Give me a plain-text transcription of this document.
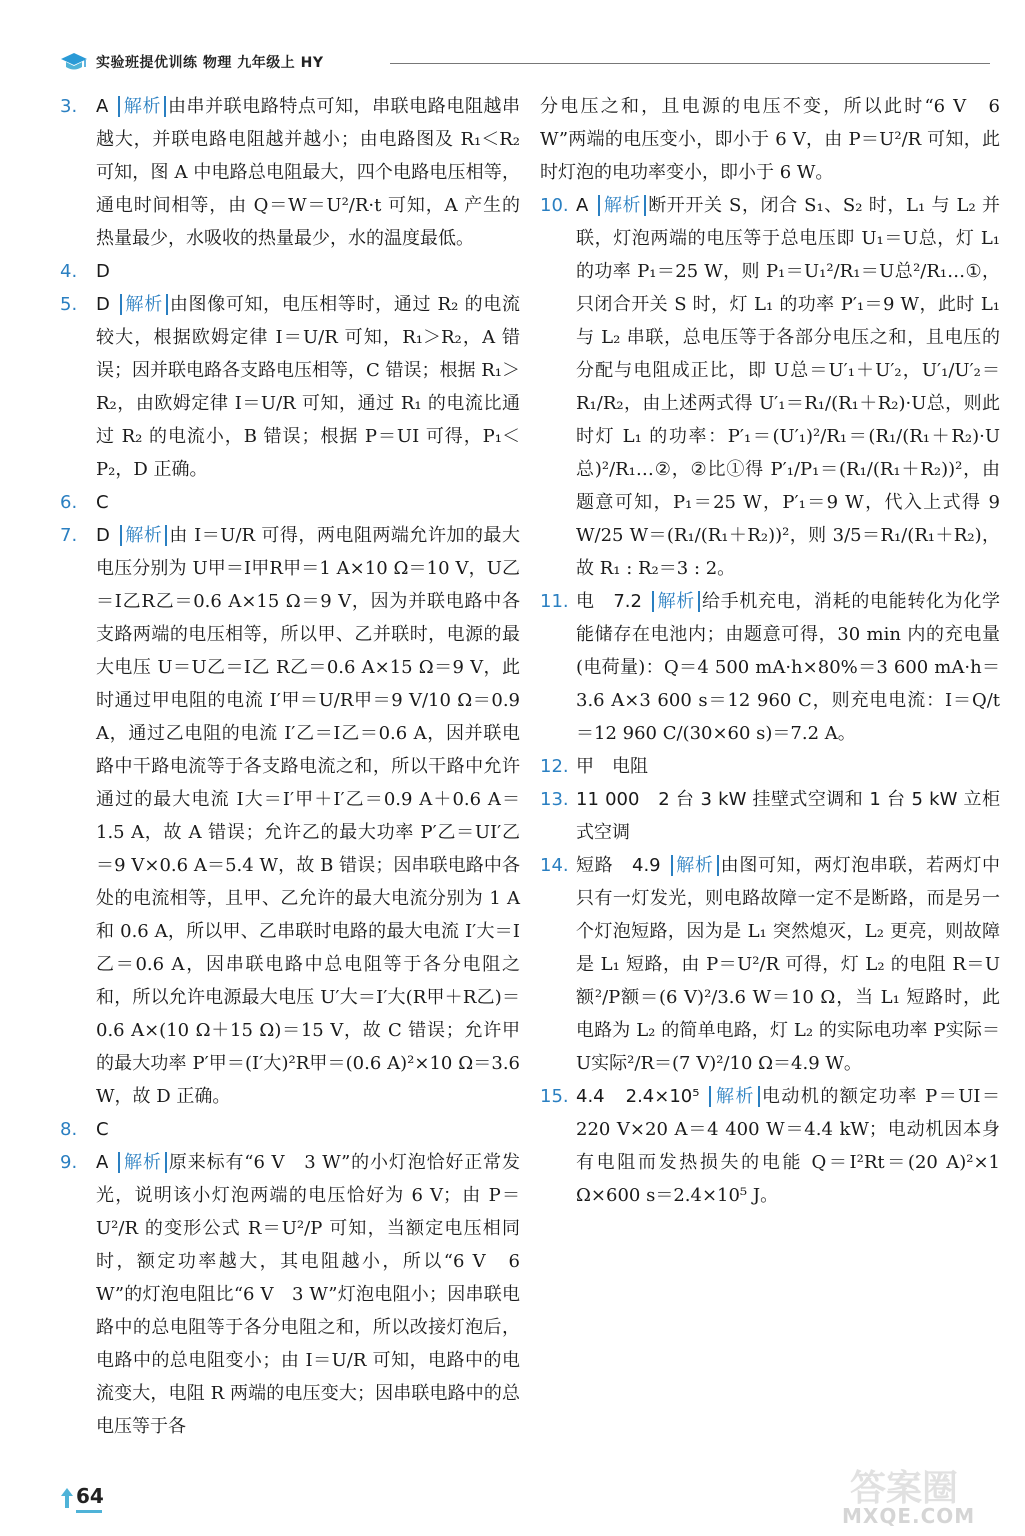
实验班提优训练 物理 九年级上 HY
3. A 解析 由串并联电路特点可知，串联电路电阻越串越大，并联电路电阻越并越小；由电路图及 R₁＜R₂ 可知，图 A 中电路总电阻最大，四个电路电压相等，通电时间相等，由 Q＝W＝U²/R·t 可知，A 产生的热量最少，水吸收的热量最少，水的温度最低。
4. D
5. D 解析 由图像可知，电压相等时，通过 R₂ 的电流较大，根据欧姆定律 I＝U/R 可知，R₁＞R₂，A 错误；因并联电路各支路电压相等，C 错误；根据 R₁＞R₂，由欧姆定律 I＝U/R 可知，通过 R₁ 的电流比通过 R₂ 的电流小，B 错误；根据 P＝UI 可得，P₁＜P₂，D 正确。
6. C
7. D 解析 由 I＝U/R 可得，两电阻两端允许加的最大电压分别为 U甲＝I甲R甲＝1 A×10 Ω＝10 V，U乙＝I乙R乙＝0.6 A×15 Ω＝9 V，因为并联电路中各支路两端的电压相等，所以甲、乙并联时，电源的最大电压 U＝U乙＝I乙 R乙＝0.6 A×15 Ω＝9 V，此时通过甲电阻的电流 I′甲＝U/R甲＝9 V/10 Ω＝0.9 A，通过乙电阻的电流 I′乙＝I乙＝0.6 A，因并联电路中干路电流等于各支路电流之和，所以干路中允许通过的最大电流 I大＝I′甲＋I′乙＝0.9 A＋0.6 A＝1.5 A，故 A 错误；允许乙的最大功率 P′乙＝UI′乙＝9 V×0.6 A＝5.4 W，故 B 错误；因串联电路中各处的电流相等，且甲、乙允许的最大电流分别为 1 A 和 0.6 A，所以甲、乙串联时电路的最大电流 I′大＝I乙＝0.6 A，因串联电路中总电阻等于各分电阻之和，所以允许电源最大电压 U′大＝I′大(R甲＋R乙)＝0.6 A×(10 Ω＋15 Ω)＝15 V，故 C 错误；允许甲的最大功率 P′甲＝(I′大)²R甲＝(0.6 A)²×10 Ω＝3.6 W，故 D 正确。
8. C
9. A 解析 原来标有“6 V　3 W”的小灯泡恰好正常发光，说明该小灯泡两端的电压恰好为 6 V；由 P＝U²/R 的变形公式 R＝U²/P 可知，当额定电压相同时，额定功率越大，其电阻越小，所以“6 V　6 W”的灯泡电阻比“6 V　3 W”灯泡电阻小；因串联电路中的总电阻等于各分电阻之和，所以改接灯泡后，电路中的总电阻变小；由 I＝U/R 可知，电路中的电流变大，电阻 R 两端的电压变大；因串联电路中的总电压等于各
分电压之和，且电源的电压不变，所以此时“6 V　6 W”两端的电压变小，即小于 6 V，由 P＝U²/R 可知，此时灯泡的电功率变小，即小于 6 W。
10. A 解析 断开开关 S，闭合 S₁、S₂ 时，L₁ 与 L₂ 并联，灯泡两端的电压等于总电压即 U₁＝U总，灯 L₁ 的功率 P₁＝25 W，则 P₁＝U₁²/R₁＝U总²/R₁…①，只闭合开关 S 时，灯 L₁ 的功率 P′₁＝9 W，此时 L₁ 与 L₂ 串联，总电压等于各部分电压之和，且电压的分配与电阻成正比，即 U总＝U′₁＋U′₂，U′₁/U′₂＝R₁/R₂，由上述两式得 U′₁＝R₁/(R₁＋R₂)·U总，则此时灯 L₁ 的功率：P′₁＝(U′₁)²/R₁＝(R₁/(R₁＋R₂)·U总)²/R₁…②，②比①得 P′₁/P₁＝(R₁/(R₁＋R₂))²，由题意可知，P₁＝25 W，P′₁＝9 W，代入上式得 9 W/25 W＝(R₁/(R₁＋R₂))²，则 3/5＝R₁/(R₁＋R₂)，故 R₁ : R₂＝3 : 2。
11. 电　7.2 解析 给手机充电，消耗的电能转化为化学能储存在电池内；由题意可得，30 min 内的充电量(电荷量)：Q＝4 500 mA·h×80%＝3 600 mA·h＝3.6 A×3 600 s＝12 960 C，则充电电流：I＝Q/t＝12 960 C/(30×60 s)＝7.2 A。
12. 甲　电阻
13. 11 000　2 台 3 kW 挂壁式空调和 1 台 5 kW 立柜式空调
14. 短路　4.9 解析 由图可知，两灯泡串联，若两灯中只有一灯发光，则电路故障一定不是断路，而是另一个灯泡短路，因为是 L₁ 突然熄灭，L₂ 更亮，则故障是 L₁ 短路，由 P＝U²/R 可得，灯 L₂ 的电阻 R＝U额²/P额＝(6 V)²/3.6 W＝10 Ω，当 L₁ 短路时，此电路为 L₂ 的简单电路，灯 L₂ 的实际电功率 P实际＝U实际²/R＝(7 V)²/10 Ω＝4.9 W。
15. 4.4　2.4×10⁵ 解析 电动机的额定功率 P＝UI＝220 V×20 A＝4 400 W＝4.4 kW；电动机因本身有电阻而发热损失的电能 Q＝I²Rt＝(20 A)²×1 Ω×600 s＝2.4×10⁵ J。
64	答案圈
MXQE.COM
